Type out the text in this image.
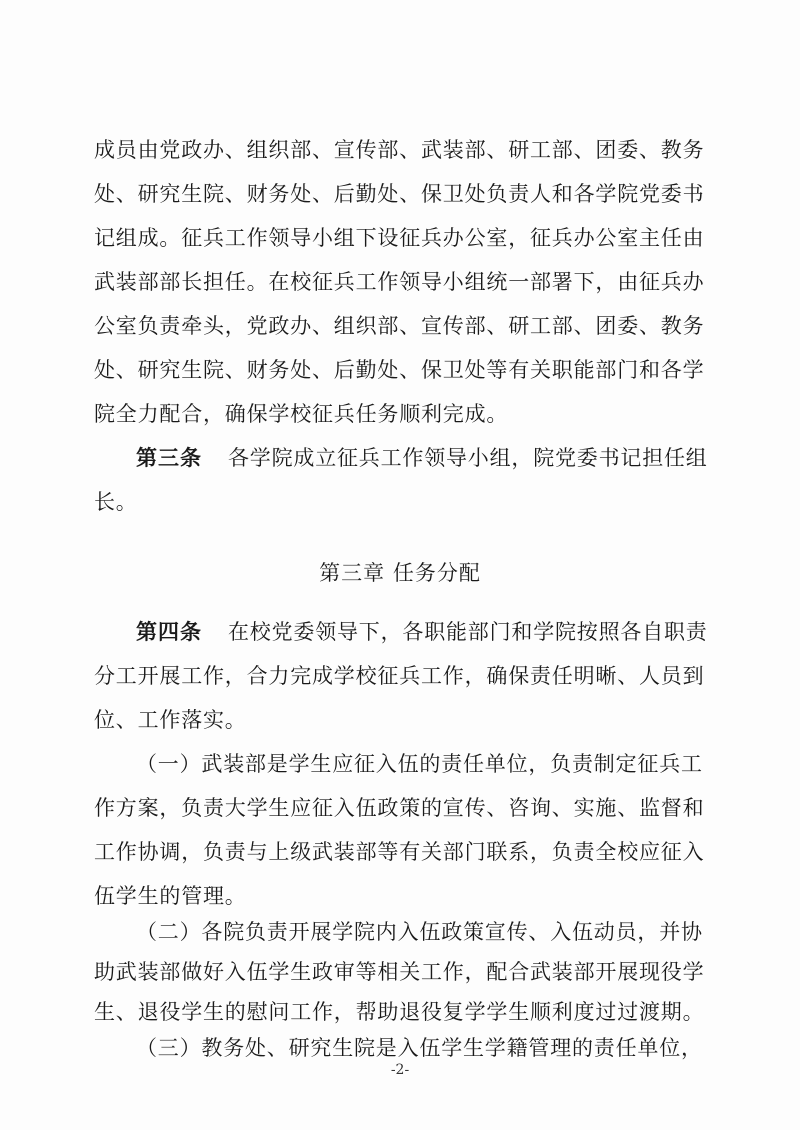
成员由党政办、组织部、宣传部、武装部、研工部、团委、教务
处、研究生院、财务处、后勤处、保卫处负责人和各学院党委书
记组成。征兵工作领导小组下设征兵办公室，征兵办公室主任由
武装部部长担任。在校征兵工作领导小组统一部署下，由征兵办
公室负责牵头，党政办、组织部、宣传部、研工部、团委、教务
处、研究生院、财务处、后勤处、保卫处等有关职能部门和各学
院全力配合，确保学校征兵任务顺利完成。
第三条 各学院成立征兵工作领导小组，院党委书记担任组
长。
第三章 任务分配
第四条 在校党委领导下，各职能部门和学院按照各自职责
分工开展工作，合力完成学校征兵工作，确保责任明晰、人员到
位、工作落实。
（一）武装部是学生应征入伍的责任单位，负责制定征兵工
作方案，负责大学生应征入伍政策的宣传、咨询、实施、监督和
工作协调，负责与上级武装部等有关部门联系，负责全校应征入
伍学生的管理。
（二）各院负责开展学院内入伍政策宣传、入伍动员，并协
助武装部做好入伍学生政审等相关工作，配合武装部开展现役学
生、退役学生的慰问工作，帮助退役复学学生顺利度过过渡期。
-2-
（三）教务处、研究生院是入伍学生学籍管理的责任单位，
